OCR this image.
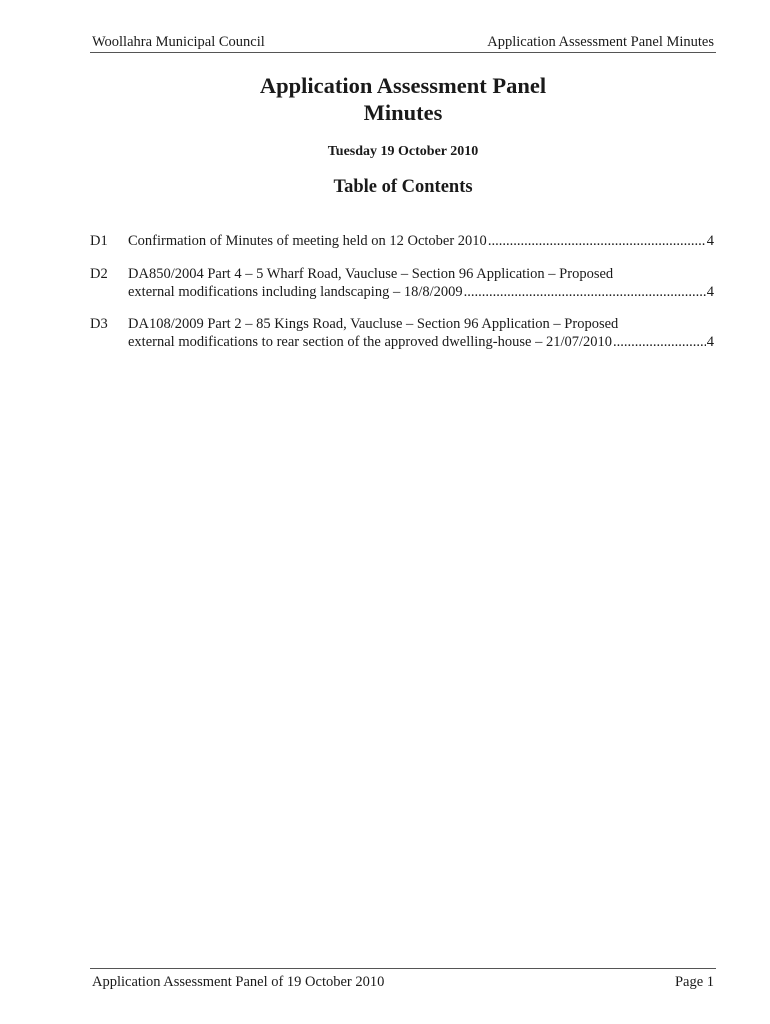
Woollahra Municipal Council	Application Assessment Panel Minutes
Application Assessment Panel
Minutes
Tuesday 19 October 2010
Table of Contents
D1 Confirmation of Minutes of meeting held on 12 October 2010 .....	4
D2 DA850/2004 Part 4 – 5 Wharf Road, Vaucluse – Section 96 Application – Proposed
external modifications including landscaping – 18/8/2009 .....	4
D3 DA108/2009 Part 2 – 85 Kings Road, Vaucluse – Section 96 Application – Proposed
external modifications to rear section of the approved dwelling-house – 21/07/2010 .....	4
Application Assessment Panel of 19 October 2010	Page 1
